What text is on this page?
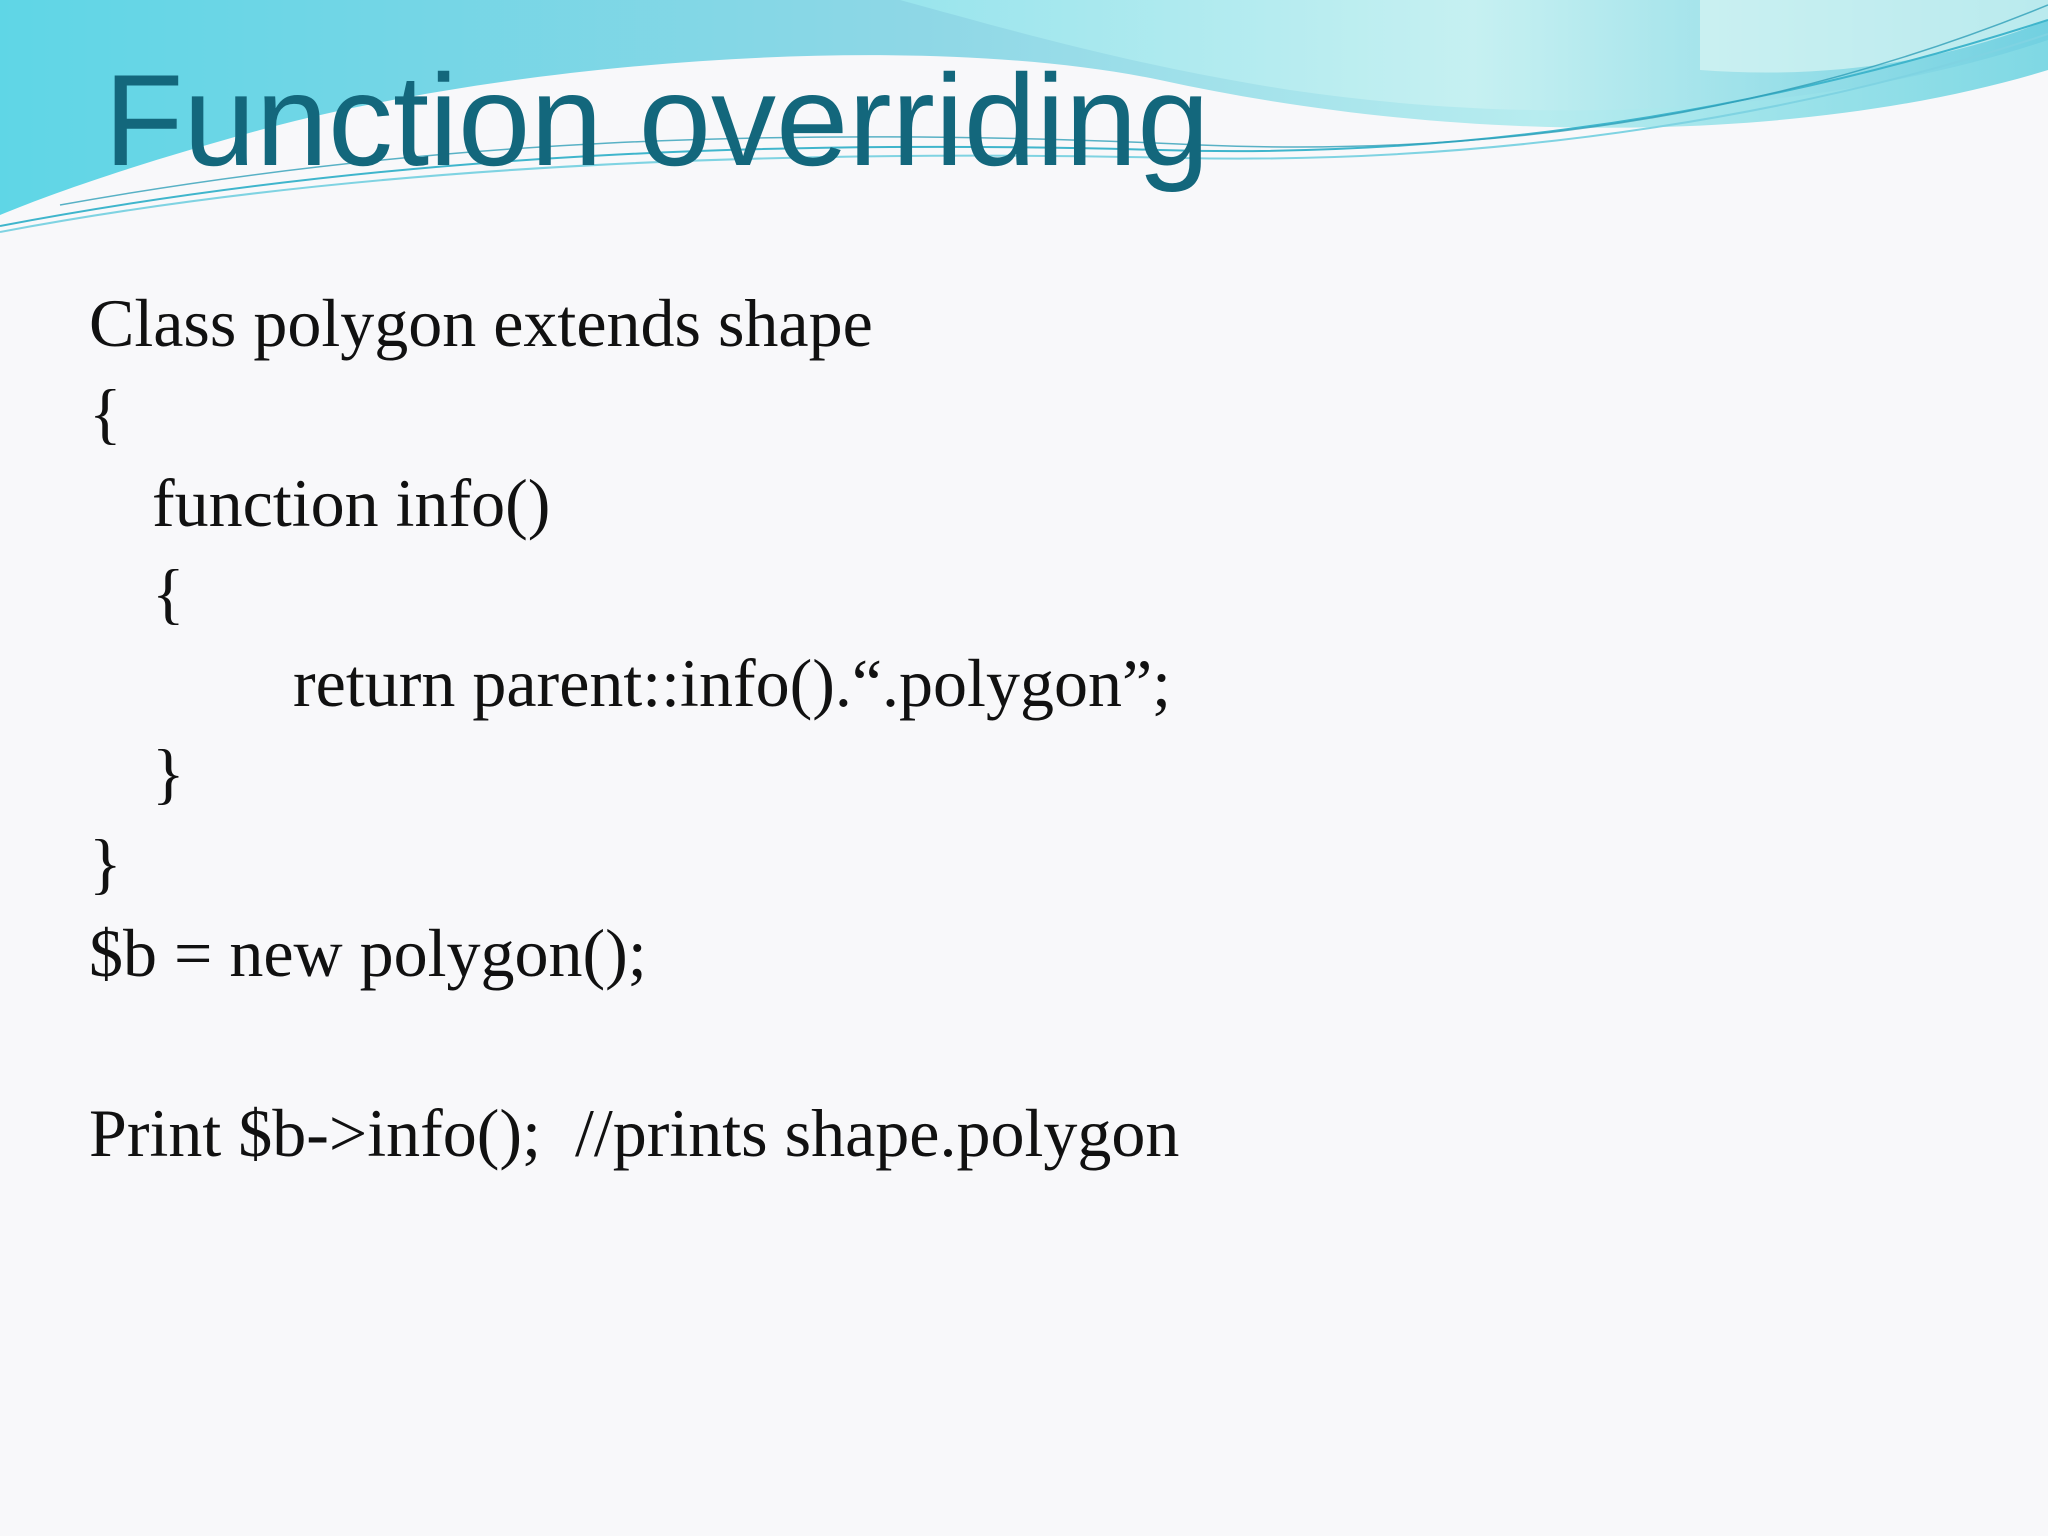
Function overriding
Class polygon extends shape
{
function info()
{
return parent::info().“.polygon”;
}
}
$b = new polygon();
Print $b->info();  //prints shape.polygon
